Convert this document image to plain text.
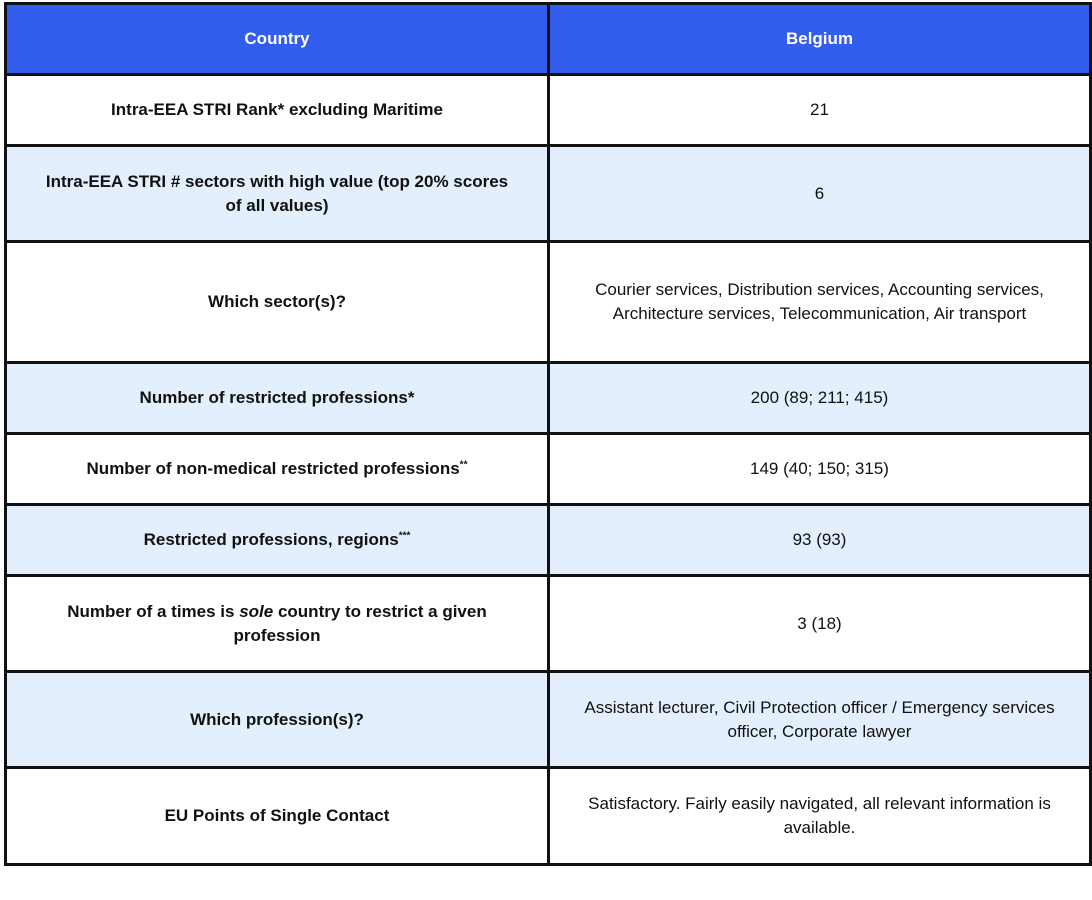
Country	Belgium
Intra-EEA STRI Rank* excluding Maritime	21
Intra-EEA STRI # sectors with high value (top 20% scores of all values)	6
Which sector(s)?	Courier services, Distribution services, Accounting services, Architecture services, Telecommunication, Air transport
Number of restricted professions*	200 (89; 211; 415)
Number of non-medical restricted professions**	149 (40; 150; 315)
Restricted professions, regions***	93 (93)
Number of a times is sole country to restrict a given profession	3 (18)
Which profession(s)?	Assistant lecturer, Civil Protection officer / Emergency services officer, Corporate lawyer
EU Points of Single Contact	Satisfactory. Fairly easily navigated, all relevant information is available.
